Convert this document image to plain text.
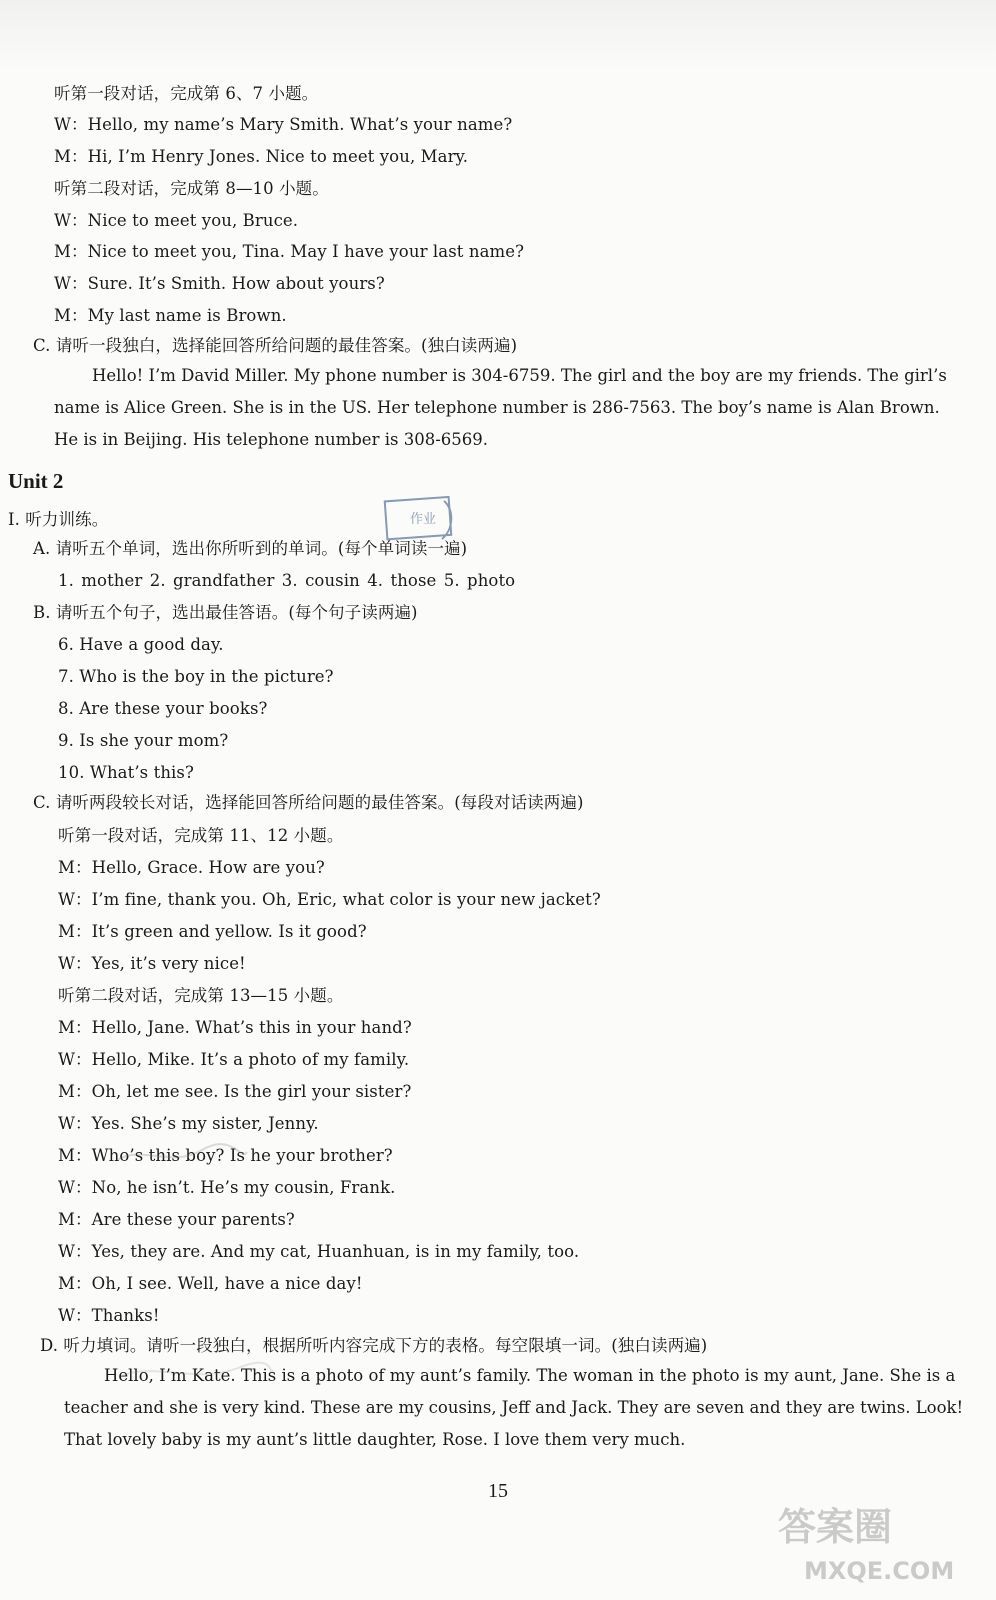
听第一段对话，完成第 6、7 小题。
W：Hello, my name’s Mary Smith. What’s your name?
M：Hi, I’m Henry Jones. Nice to meet you, Mary.
听第二段对话，完成第 8—10 小题。
W：Nice to meet you, Bruce.
M：Nice to meet you, Tina. May I have your last name?
W：Sure. It’s Smith. How about yours?
M：My last name is Brown.
C. 请听一段独白，选择能回答所给问题的最佳答案。(独白读两遍)
Hello! I’m David Miller. My phone number is 304-6759. The girl and the boy are my friends. The girl’s name is Alice Green. She is in the US. Her telephone number is 286-7563. The boy’s name is Alan Brown. He is in Beijing. His telephone number is 308-6569.
Unit 2
作业
Ⅰ. 听力训练。
A. 请听五个单词，选出你所听到的单词。(每个单词读一遍)
1. mother 2. grandfather 3. cousin 4. those 5. photo
B. 请听五个句子，选出最佳答语。(每个句子读两遍)
6. Have a good day.
7. Who is the boy in the picture?
8. Are these your books?
9. Is she your mom?
10. What’s this?
C. 请听两段较长对话，选择能回答所给问题的最佳答案。(每段对话读两遍)
听第一段对话，完成第 11、12 小题。
M：Hello, Grace. How are you?
W：I’m fine, thank you. Oh, Eric, what color is your new jacket?
M：It’s green and yellow. Is it good?
W：Yes, it’s very nice!
听第二段对话，完成第 13—15 小题。
M：Hello, Jane. What’s this in your hand?
W：Hello, Mike. It’s a photo of my family.
M：Oh, let me see. Is the girl your sister?
W：Yes. She’s my sister, Jenny.
M：Who’s this boy? Is he your brother?
W：No, he isn’t. He’s my cousin, Frank.
M：Are these your parents?
W：Yes, they are. And my cat, Huanhuan, is in my family, too.
M：Oh, I see. Well, have a nice day!
W：Thanks!
D. 听力填词。请听一段独白，根据所听内容完成下方的表格。每空限填一词。(独白读两遍)
Hello, I’m Kate. This is a photo of my aunt’s family. The woman in the photo is my aunt, Jane. She is a teacher and she is very kind. These are my cousins, Jeff and Jack. They are seven and they are twins. Look! That lovely baby is my aunt’s little daughter, Rose. I love them very much.
15
答案圈
MXQE.COM
